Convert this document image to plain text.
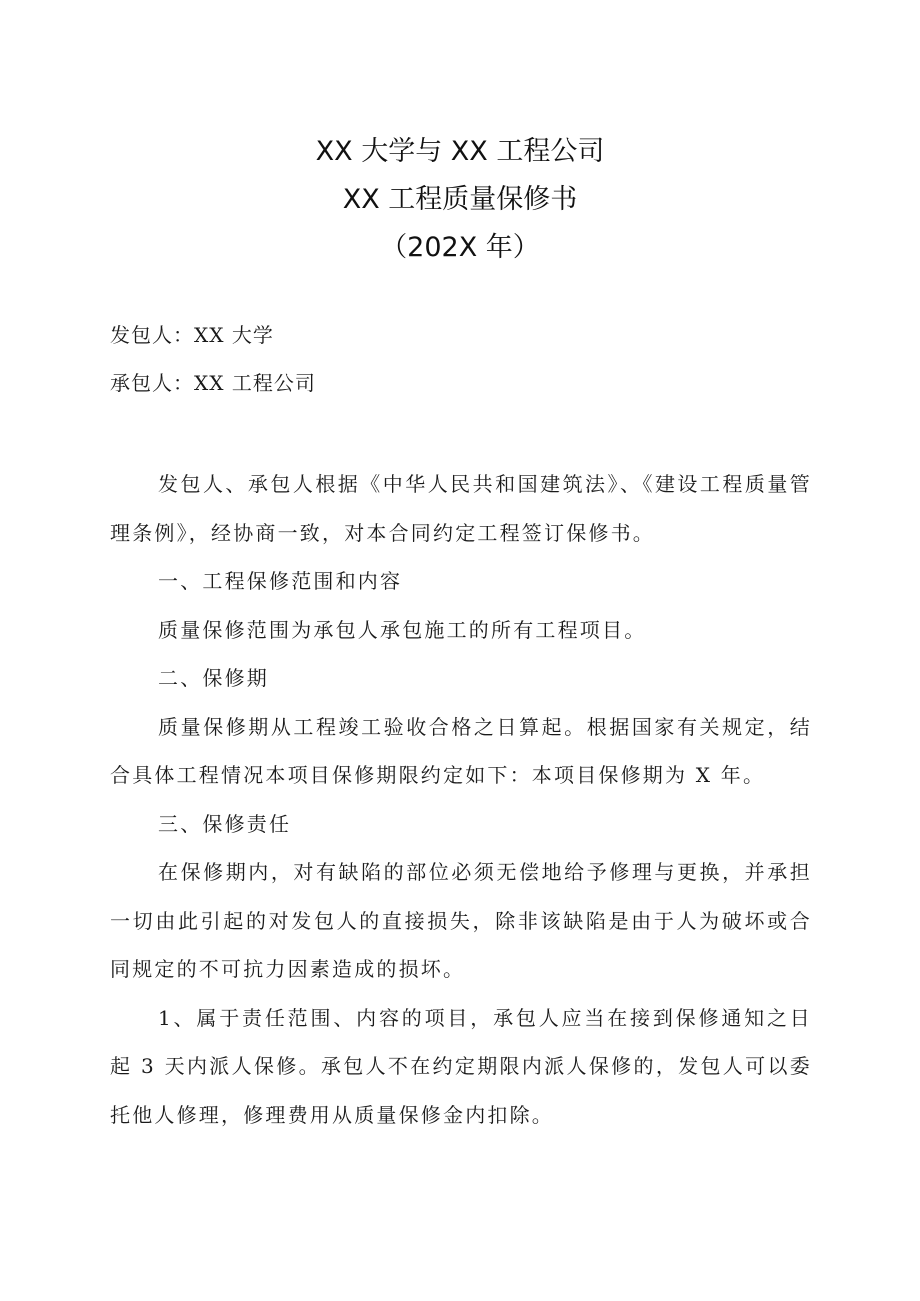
XX 大学与 XX 工程公司
XX 工程质量保修书
（202X 年）
发包人：XX 大学
承包人：XX 工程公司

发包人、承包人根据《中华人民共和国建筑法》、《建设工程质量管理条例》，经协商一致，对本合同约定工程签订保修书。

一、工程保修范围和内容

质量保修范围为承包人承包施工的所有工程项目。

二、保修期

质量保修期从工程竣工验收合格之日算起。根据国家有关规定，结合具体工程情况本项目保修期限约定如下：本项目保修期为 X 年。

三、保修责任

在保修期内，对有缺陷的部位必须无偿地给予修理与更换，并承担一切由此引起的对发包人的直接损失，除非该缺陷是由于人为破坏或合同规定的不可抗力因素造成的损坏。

1、属于责任范围、内容的项目，承包人应当在接到保修通知之日起 3 天内派人保修。承包人不在约定期限内派人保修的，发包人可以委托他人修理，修理费用从质量保修金内扣除。
